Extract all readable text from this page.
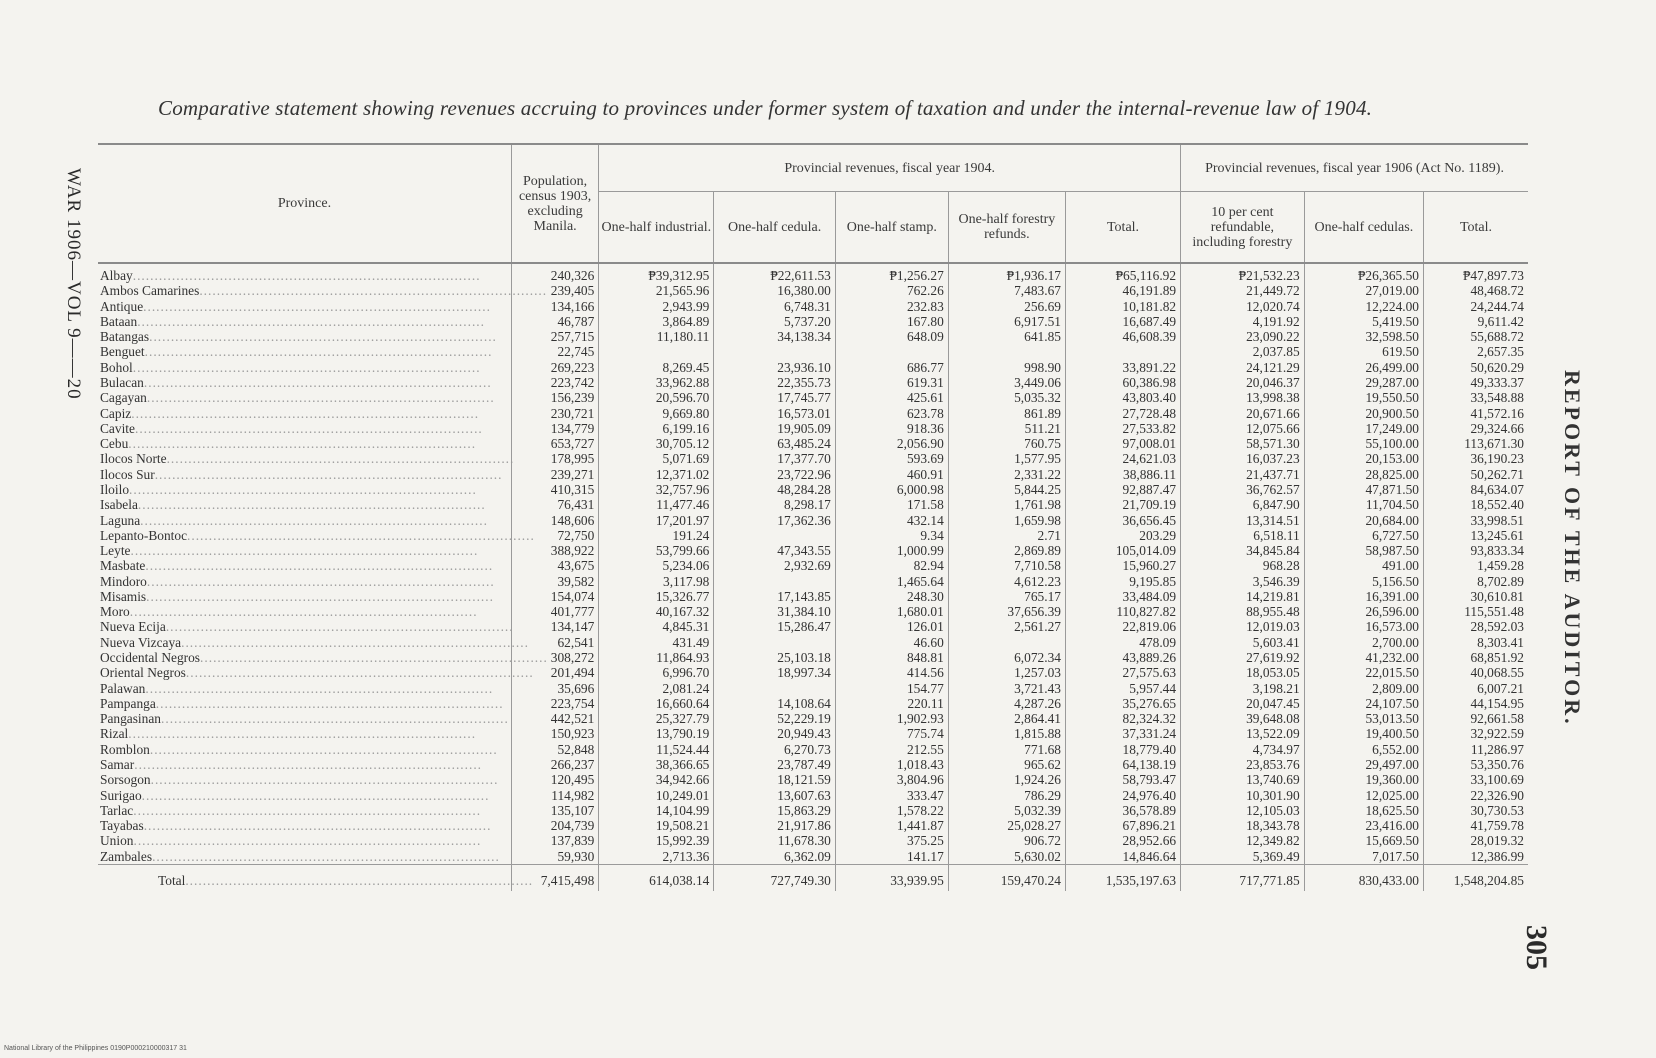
Comparative statement showing revenues accruing to provinces under former system of taxation and under the internal-revenue law of 1904.
WAR 1906—VOL 9——20
REPORT OF THE AUDITOR.
305
Province.	Population, census 1903, excluding Manila.	Provincial revenues, fiscal year 1904.					Provincial revenues, fiscal year 1906 (Act No. 1189).		
		One-half industrial.	One-half cedula.	One-half stamp.	One-half forestry refunds.	Total.	10 per cent refundable, including forestry	One-half cedulas.	Total.
Albay................................................................................	240,326	₱39,312.95	₱22,611.53	₱1,256.27	₱1,936.17	₱65,116.92	₱21,532.23	₱26,365.50	₱47,897.73
Ambos Camarines................................................................................	239,405	21,565.96	16,380.00	762.26	7,483.67	46,191.89	21,449.72	27,019.00	48,468.72
Antique................................................................................	134,166	2,943.99	6,748.31	232.83	256.69	10,181.82	12,020.74	12,224.00	24,244.74
Bataan................................................................................	46,787	3,864.89	5,737.20	167.80	6,917.51	16,687.49	4,191.92	5,419.50	9,611.42
Batangas................................................................................	257,715	11,180.11	34,138.34	648.09	641.85	46,608.39	23,090.22	32,598.50	55,688.72
Benguet................................................................................	22,745						2,037.85	619.50	2,657.35
Bohol................................................................................	269,223	8,269.45	23,936.10	686.77	998.90	33,891.22	24,121.29	26,499.00	50,620.29
Bulacan................................................................................	223,742	33,962.88	22,355.73	619.31	3,449.06	60,386.98	20,046.37	29,287.00	49,333.37
Cagayan................................................................................	156,239	20,596.70	17,745.77	425.61	5,035.32	43,803.40	13,998.38	19,550.50	33,548.88
Capiz................................................................................	230,721	9,669.80	16,573.01	623.78	861.89	27,728.48	20,671.66	20,900.50	41,572.16
Cavite................................................................................	134,779	6,199.16	19,905.09	918.36	511.21	27,533.82	12,075.66	17,249.00	29,324.66
Cebu................................................................................	653,727	30,705.12	63,485.24	2,056.90	760.75	97,008.01	58,571.30	55,100.00	113,671.30
Ilocos Norte................................................................................	178,995	5,071.69	17,377.70	593.69	1,577.95	24,621.03	16,037.23	20,153.00	36,190.23
Ilocos Sur................................................................................	239,271	12,371.02	23,722.96	460.91	2,331.22	38,886.11	21,437.71	28,825.00	50,262.71
Iloilo................................................................................	410,315	32,757.96	48,284.28	6,000.98	5,844.25	92,887.47	36,762.57	47,871.50	84,634.07
Isabela................................................................................	76,431	11,477.46	8,298.17	171.58	1,761.98	21,709.19	6,847.90	11,704.50	18,552.40
Laguna................................................................................	148,606	17,201.97	17,362.36	432.14	1,659.98	36,656.45	13,314.51	20,684.00	33,998.51
Lepanto-Bontoc................................................................................	72,750	191.24		9.34	2.71	203.29	6,518.11	6,727.50	13,245.61
Leyte................................................................................	388,922	53,799.66	47,343.55	1,000.99	2,869.89	105,014.09	34,845.84	58,987.50	93,833.34
Masbate................................................................................	43,675	5,234.06	2,932.69	82.94	7,710.58	15,960.27	968.28	491.00	1,459.28
Mindoro................................................................................	39,582	3,117.98		1,465.64	4,612.23	9,195.85	3,546.39	5,156.50	8,702.89
Misamis................................................................................	154,074	15,326.77	17,143.85	248.30	765.17	33,484.09	14,219.81	16,391.00	30,610.81
Moro................................................................................	401,777	40,167.32	31,384.10	1,680.01	37,656.39	110,827.82	88,955.48	26,596.00	115,551.48
Nueva Ecija................................................................................	134,147	4,845.31	15,286.47	126.01	2,561.27	22,819.06	12,019.03	16,573.00	28,592.03
Nueva Vizcaya................................................................................	62,541	431.49		46.60		478.09	5,603.41	2,700.00	8,303.41
Occidental Negros................................................................................	308,272	11,864.93	25,103.18	848.81	6,072.34	43,889.26	27,619.92	41,232.00	68,851.92
Oriental Negros................................................................................	201,494	6,996.70	18,997.34	414.56	1,257.03	27,575.63	18,053.05	22,015.50	40,068.55
Palawan................................................................................	35,696	2,081.24		154.77	3,721.43	5,957.44	3,198.21	2,809.00	6,007.21
Pampanga................................................................................	223,754	16,660.64	14,108.64	220.11	4,287.26	35,276.65	20,047.45	24,107.50	44,154.95
Pangasinan................................................................................	442,521	25,327.79	52,229.19	1,902.93	2,864.41	82,324.32	39,648.08	53,013.50	92,661.58
Rizal................................................................................	150,923	13,790.19	20,949.43	775.74	1,815.88	37,331.24	13,522.09	19,400.50	32,922.59
Romblon................................................................................	52,848	11,524.44	6,270.73	212.55	771.68	18,779.40	4,734.97	6,552.00	11,286.97
Samar................................................................................	266,237	38,366.65	23,787.49	1,018.43	965.62	64,138.19	23,853.76	29,497.00	53,350.76
Sorsogon................................................................................	120,495	34,942.66	18,121.59	3,804.96	1,924.26	58,793.47	13,740.69	19,360.00	33,100.69
Surigao................................................................................	114,982	10,249.01	13,607.63	333.47	786.29	24,976.40	10,301.90	12,025.00	22,326.90
Tarlac................................................................................	135,107	14,104.99	15,863.29	1,578.22	5,032.39	36,578.89	12,105.03	18,625.50	30,730.53
Tayabas................................................................................	204,739	19,508.21	21,917.86	1,441.87	25,028.27	67,896.21	18,343.78	23,416.00	41,759.78
Union................................................................................	137,839	15,992.39	11,678.30	375.25	906.72	28,952.66	12,349.82	15,669.50	28,019.32
Zambales................................................................................	59,930	2,713.36	6,362.09	141.17	5,630.02	14,846.64	5,369.49	7,017.50	12,386.99
Total................................................................................	7,415,498	614,038.14	727,749.30	33,939.95	159,470.24	1,535,197.63	717,771.85	830,433.00	1,548,204.85
National Library of the Philippines 0190P000210000317 31
